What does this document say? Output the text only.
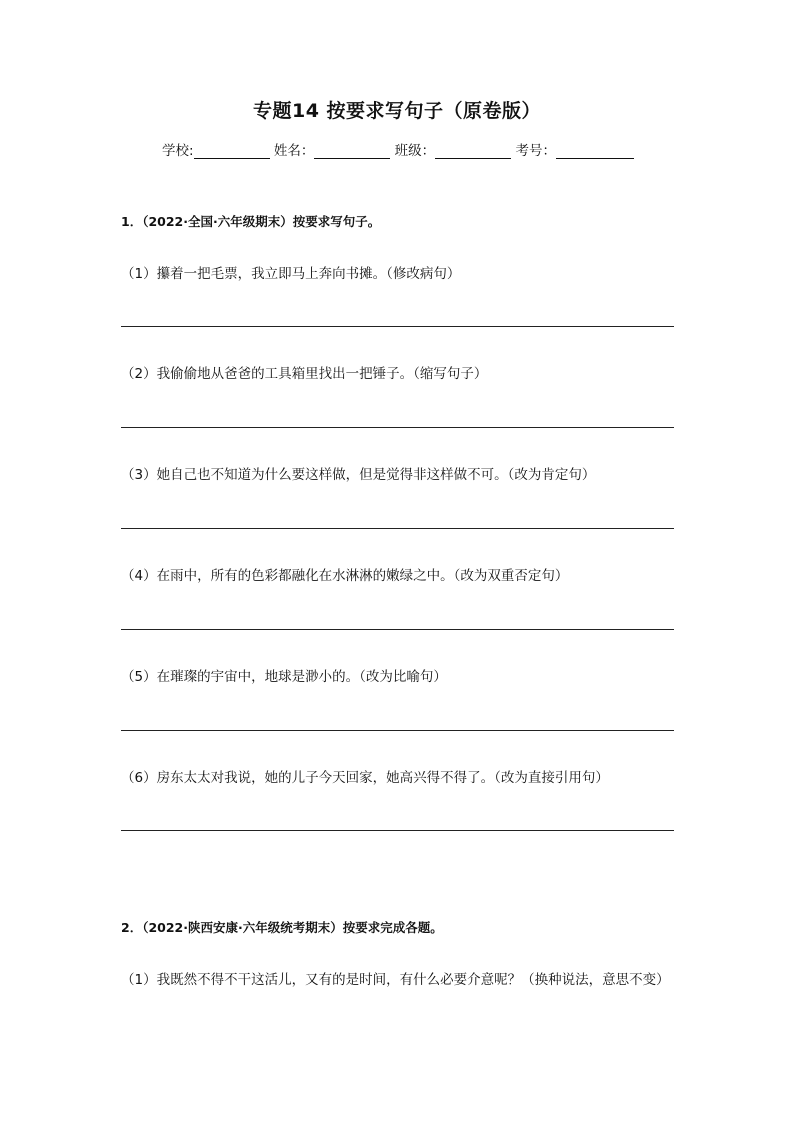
专题14 按要求写句子（原卷版）
学校:	姓名：	班级：	考号：
1．（2022·全国·六年级期末）按要求写句子。
（1）攥着一把毛票，我立即马上奔向书摊。（修改病句）
（2）我偷偷地从爸爸的工具箱里找出一把锤子。（缩写句子）
（3）她自己也不知道为什么要这样做，但是觉得非这样做不可。（改为肯定句）
（4）在雨中，所有的色彩都融化在水淋淋的嫩绿之中。（改为双重否定句）
（5）在璀璨的宇宙中，地球是渺小的。（改为比喻句）
（6）房东太太对我说，她的儿子今天回家，她高兴得不得了。（改为直接引用句）
2．（2022·陕西安康·六年级统考期末）按要求完成各题。
（1）我既然不得不干这活儿，又有的是时间，有什么必要介意呢？（换种说法，意思不变）
